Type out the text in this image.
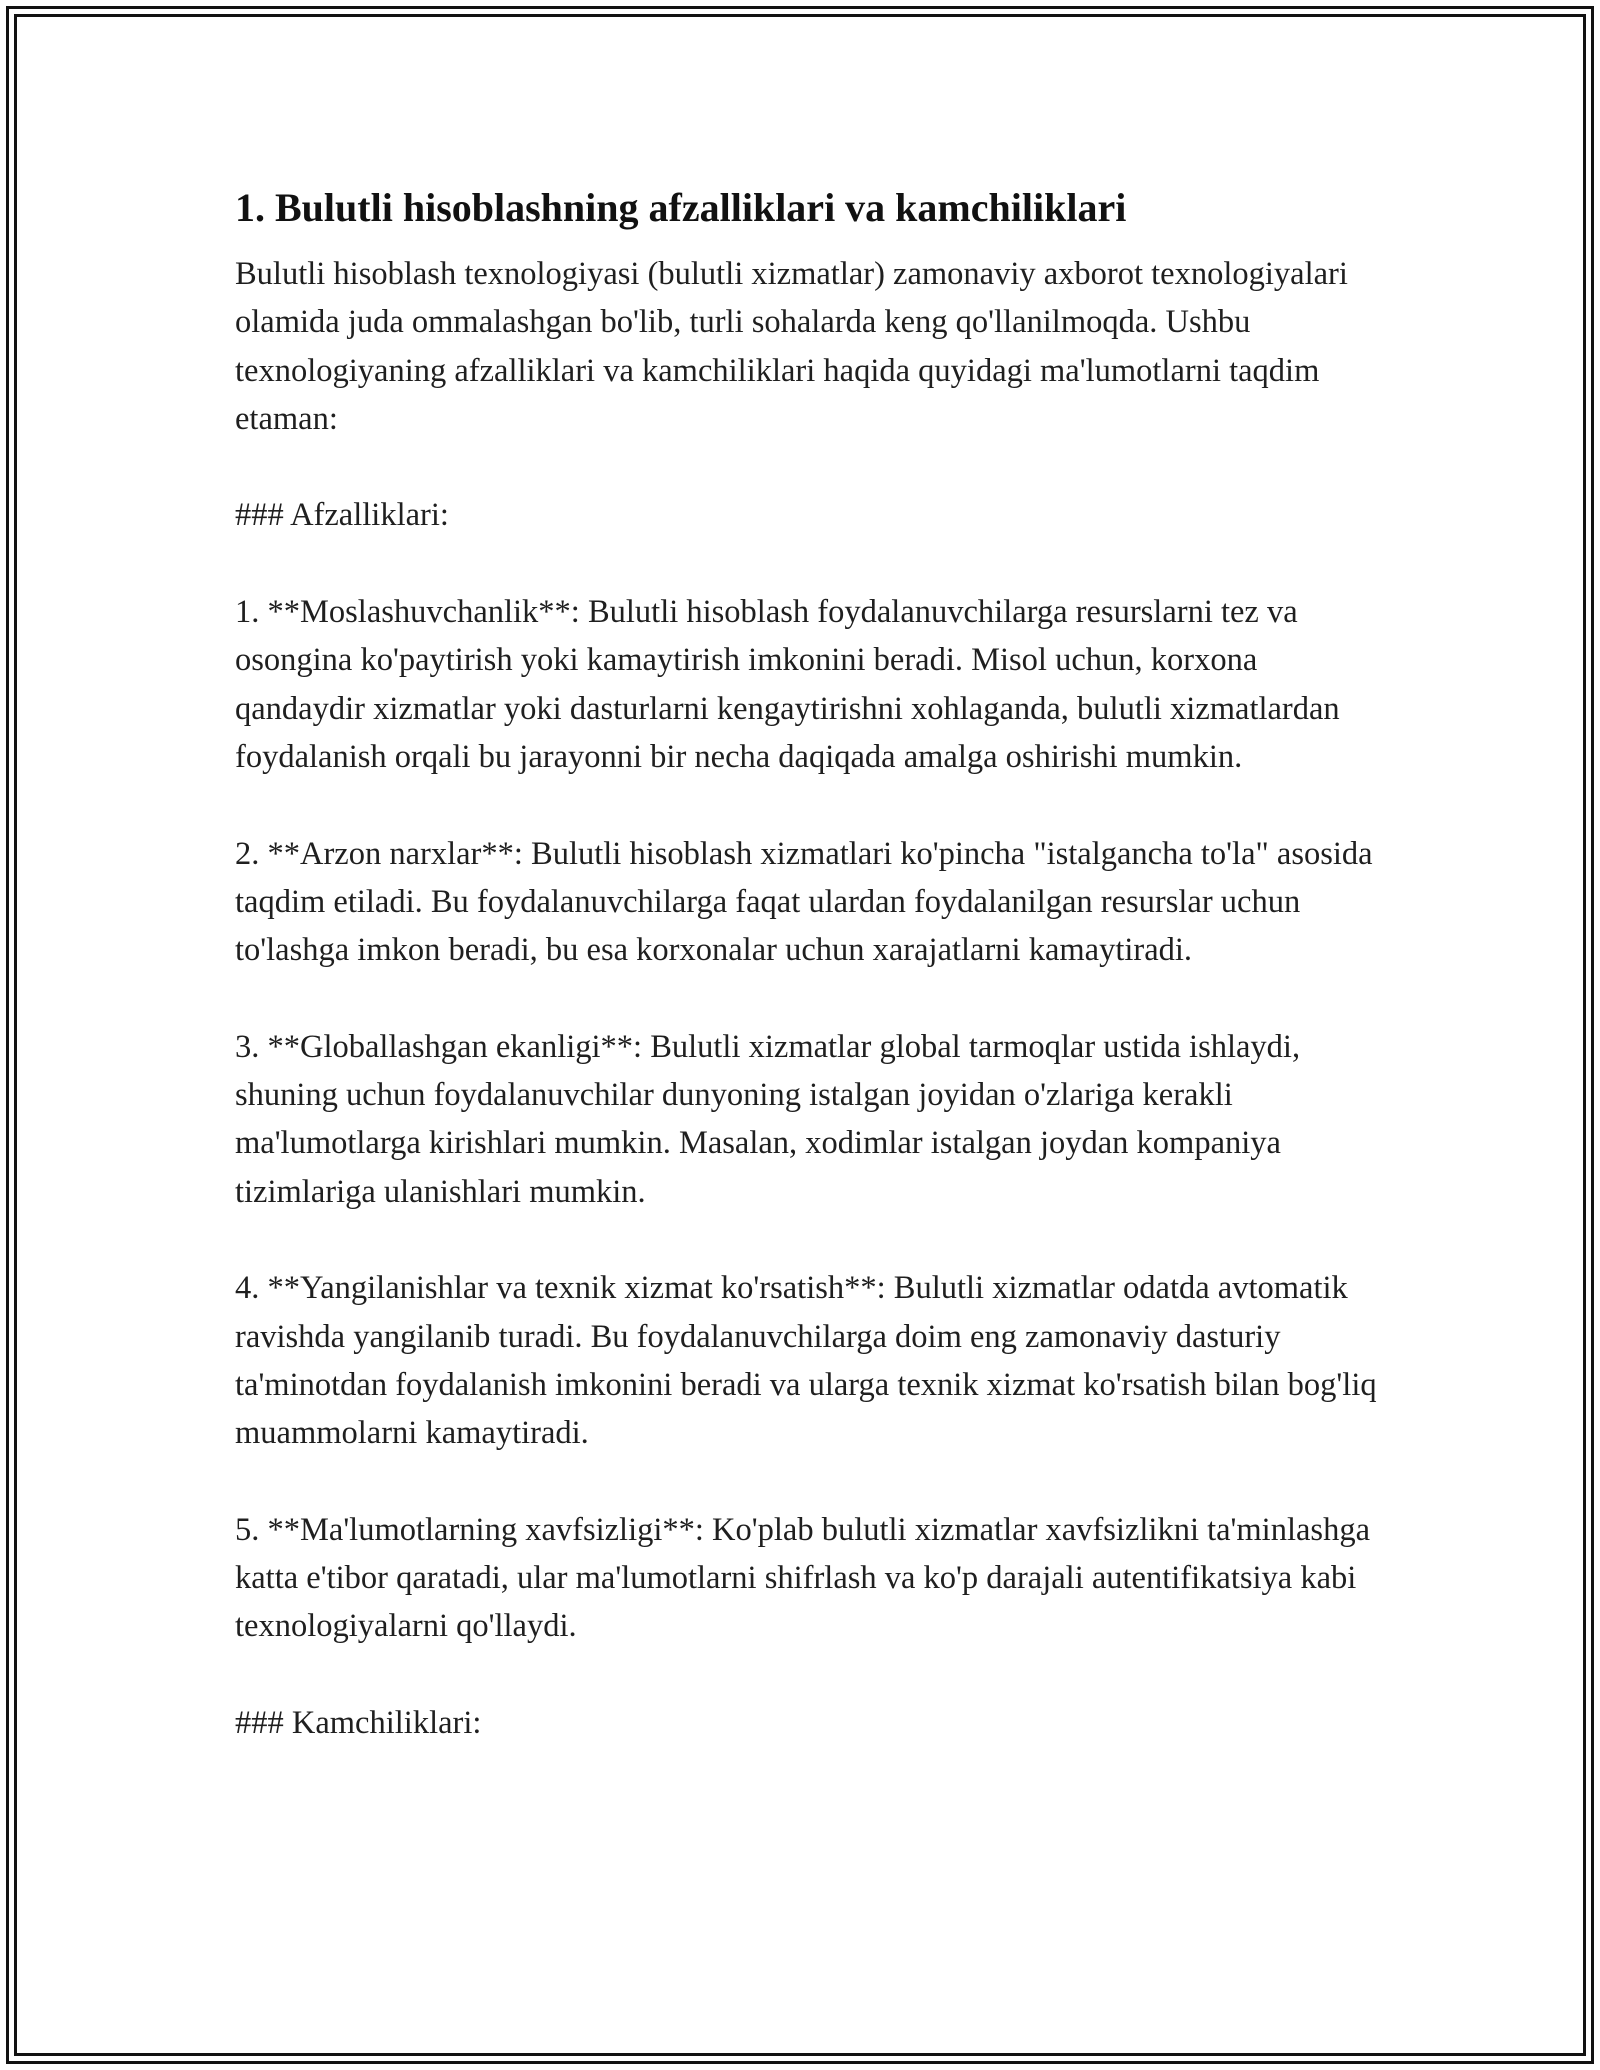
1. Bulutli hisoblashning afzalliklari va kamchiliklari

Bulutli hisoblash texnologiyasi (bulutli xizmatlar) zamonaviy axborot texnologiyalari olamida juda ommalashgan bo'lib, turli sohalarda keng qo'llanilmoqda. Ushbu texnologiyaning afzalliklari va kamchiliklari haqida quyidagi ma'lumotlarni taqdim etaman:

### Afzalliklari:

1. **Moslashuvchanlik**: Bulutli hisoblash foydalanuvchilarga resurslarni tez va osongina ko'paytirish yoki kamaytirish imkonini beradi. Misol uchun, korxona qandaydir xizmatlar yoki dasturlarni kengaytirishni xohlaganda, bulutli xizmatlardan foydalanish orqali bu jarayonni bir necha daqiqada amalga oshirishi mumkin.

2. **Arzon narxlar**: Bulutli hisoblash xizmatlari ko'pincha "istalgancha to'la" asosida taqdim etiladi. Bu foydalanuvchilarga faqat ulardan foydalanilgan resurslar uchun to'lashga imkon beradi, bu esa korxonalar uchun xarajatlarni kamaytiradi.

3. **Globallashgan ekanligi**: Bulutli xizmatlar global tarmoqlar ustida ishlaydi, shuning uchun foydalanuvchilar dunyoning istalgan joyidan o'zlariga kerakli ma'lumotlarga kirishlari mumkin. Masalan, xodimlar istalgan joydan kompaniya tizimlariga ulanishlari mumkin.

4. **Yangilanishlar va texnik xizmat ko'rsatish**: Bulutli xizmatlar odatda avtomatik ravishda yangilanib turadi. Bu foydalanuvchilarga doim eng zamonaviy dasturiy ta'minotdan foydalanish imkonini beradi va ularga texnik xizmat ko'rsatish bilan bog'liq muammolarni kamaytiradi.

5. **Ma'lumotlarning xavfsizligi**: Ko'plab bulutli xizmatlar xavfsizlikni ta'minlashga katta e'tibor qaratadi, ular ma'lumotlarni shifrlash va ko'p darajali autentifikatsiya kabi texnologiyalarni qo'llaydi.

### Kamchiliklari:
